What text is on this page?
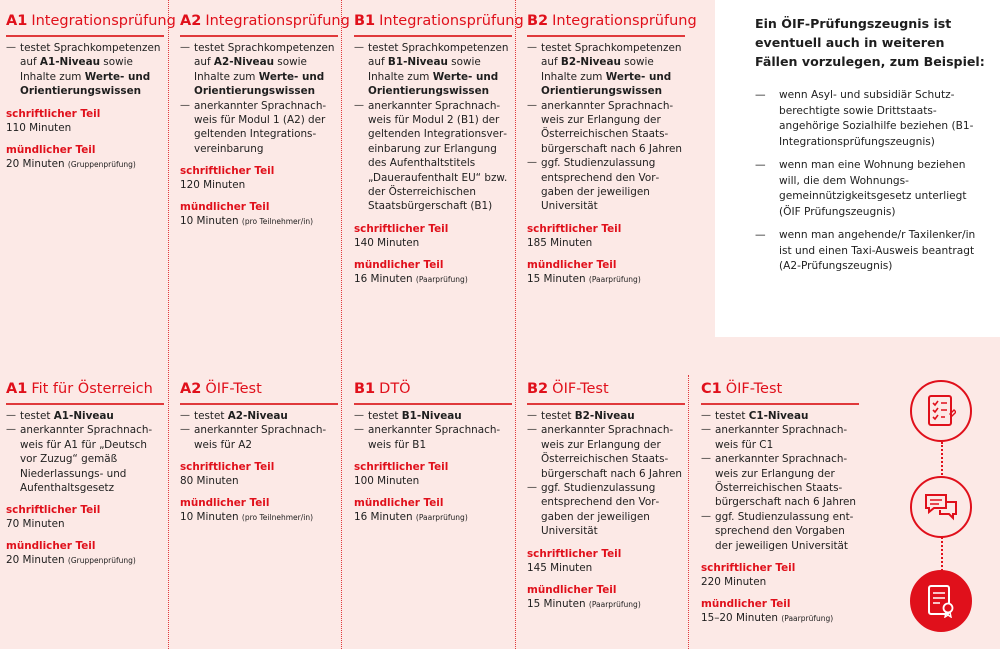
A1 Integrationsprüfung
— testet Sprachkompetenzen auf A1-Niveau sowie Inhalte zum Werte- und Orientierungswissen
schriftlicher Teil
110 Minuten
mündlicher Teil
20 Minuten (Gruppenprüfung)
A2 Integrationsprüfung
— testet Sprachkompetenzen auf A2-Niveau sowie Inhalte zum Werte- und Orientierungswissen
— anerkannter Sprachnachweis für Modul 1 (A2) der geltenden Integrationsvereinbarung
schriftlicher Teil
120 Minuten
mündlicher Teil
10 Minuten (pro Teilnehmer/in)
B1 Integrationsprüfung
— testet Sprachkompetenzen auf B1-Niveau sowie Inhalte zum Werte- und Orientierungswissen
— anerkannter Sprachnachweis für Modul 2 (B1) der geltenden Integrationsvereinbarung zur Erlangung des Aufenthaltstitels „Daueraufenthalt EU“ bzw. der Österreichischen Staatsbürgerschaft (B1)
schriftlicher Teil
140 Minuten
mündlicher Teil
16 Minuten (Paarprüfung)
B2 Integrationsprüfung
— testet Sprachkompetenzen auf B2-Niveau sowie Inhalte zum Werte- und Orientierungswissen
— anerkannter Sprachnachweis zur Erlangung der Österreichischen Staatsbürgerschaft nach 6 Jahren
— ggf. Studienzulassung entsprechend den Vorgaben der jeweiligen Universität
schriftlicher Teil
185 Minuten
mündlicher Teil
15 Minuten (Paarprüfung)
Ein ÖIF-Prüfungszeugnis ist eventuell auch in weiteren Fällen vorzulegen, zum Beispiel:
— wenn Asyl- und subsidiär Schutzberechtigte sowie Drittstaatsangehörige Sozialhilfe beziehen (B1-Integrationsprüfungszeugnis)
— wenn man eine Wohnung beziehen will, die dem Wohnungsgemeinnützigkeitsgesetz unterliegt (ÖIF Prüfungszeugnis)
— wenn man angehende/r Taxilenker/in ist und einen Taxi-Ausweis beantragt (A2-Prüfungszeugnis)
A1 Fit für Österreich
— testet A1-Niveau
— anerkannter Sprachnachweis für A1 für „Deutsch vor Zuzug“ gemäß Niederlassungs- und Aufenthaltsgesetz
schriftlicher Teil
70 Minuten
mündlicher Teil
20 Minuten (Gruppenprüfung)
A2 ÖIF-Test
— testet A2-Niveau
— anerkannter Sprachnachweis für A2
schriftlicher Teil
80 Minuten
mündlicher Teil
10 Minuten (pro Teilnehmer/in)
B1 DTÖ
— testet B1-Niveau
— anerkannter Sprachnachweis für B1
schriftlicher Teil
100 Minuten
mündlicher Teil
16 Minuten (Paarprüfung)
B2 ÖIF-Test
— testet B2-Niveau
— anerkannter Sprachnachweis zur Erlangung der Österreichischen Staatsbürgerschaft nach 6 Jahren
— ggf. Studienzulassung entsprechend den Vorgaben der jeweiligen Universität
schriftlicher Teil
145 Minuten
mündlicher Teil
15 Minuten (Paarprüfung)
C1 ÖIF-Test
— testet C1-Niveau
— anerkannter Sprachnachweis für C1
— anerkannter Sprachnachweis zur Erlangung der Österreichischen Staatsbürgerschaft nach 6 Jahren
— ggf. Studienzulassung entsprechend den Vorgaben der jeweiligen Universität
schriftlicher Teil
220 Minuten
mündlicher Teil
15–20 Minuten (Paarprüfung)
